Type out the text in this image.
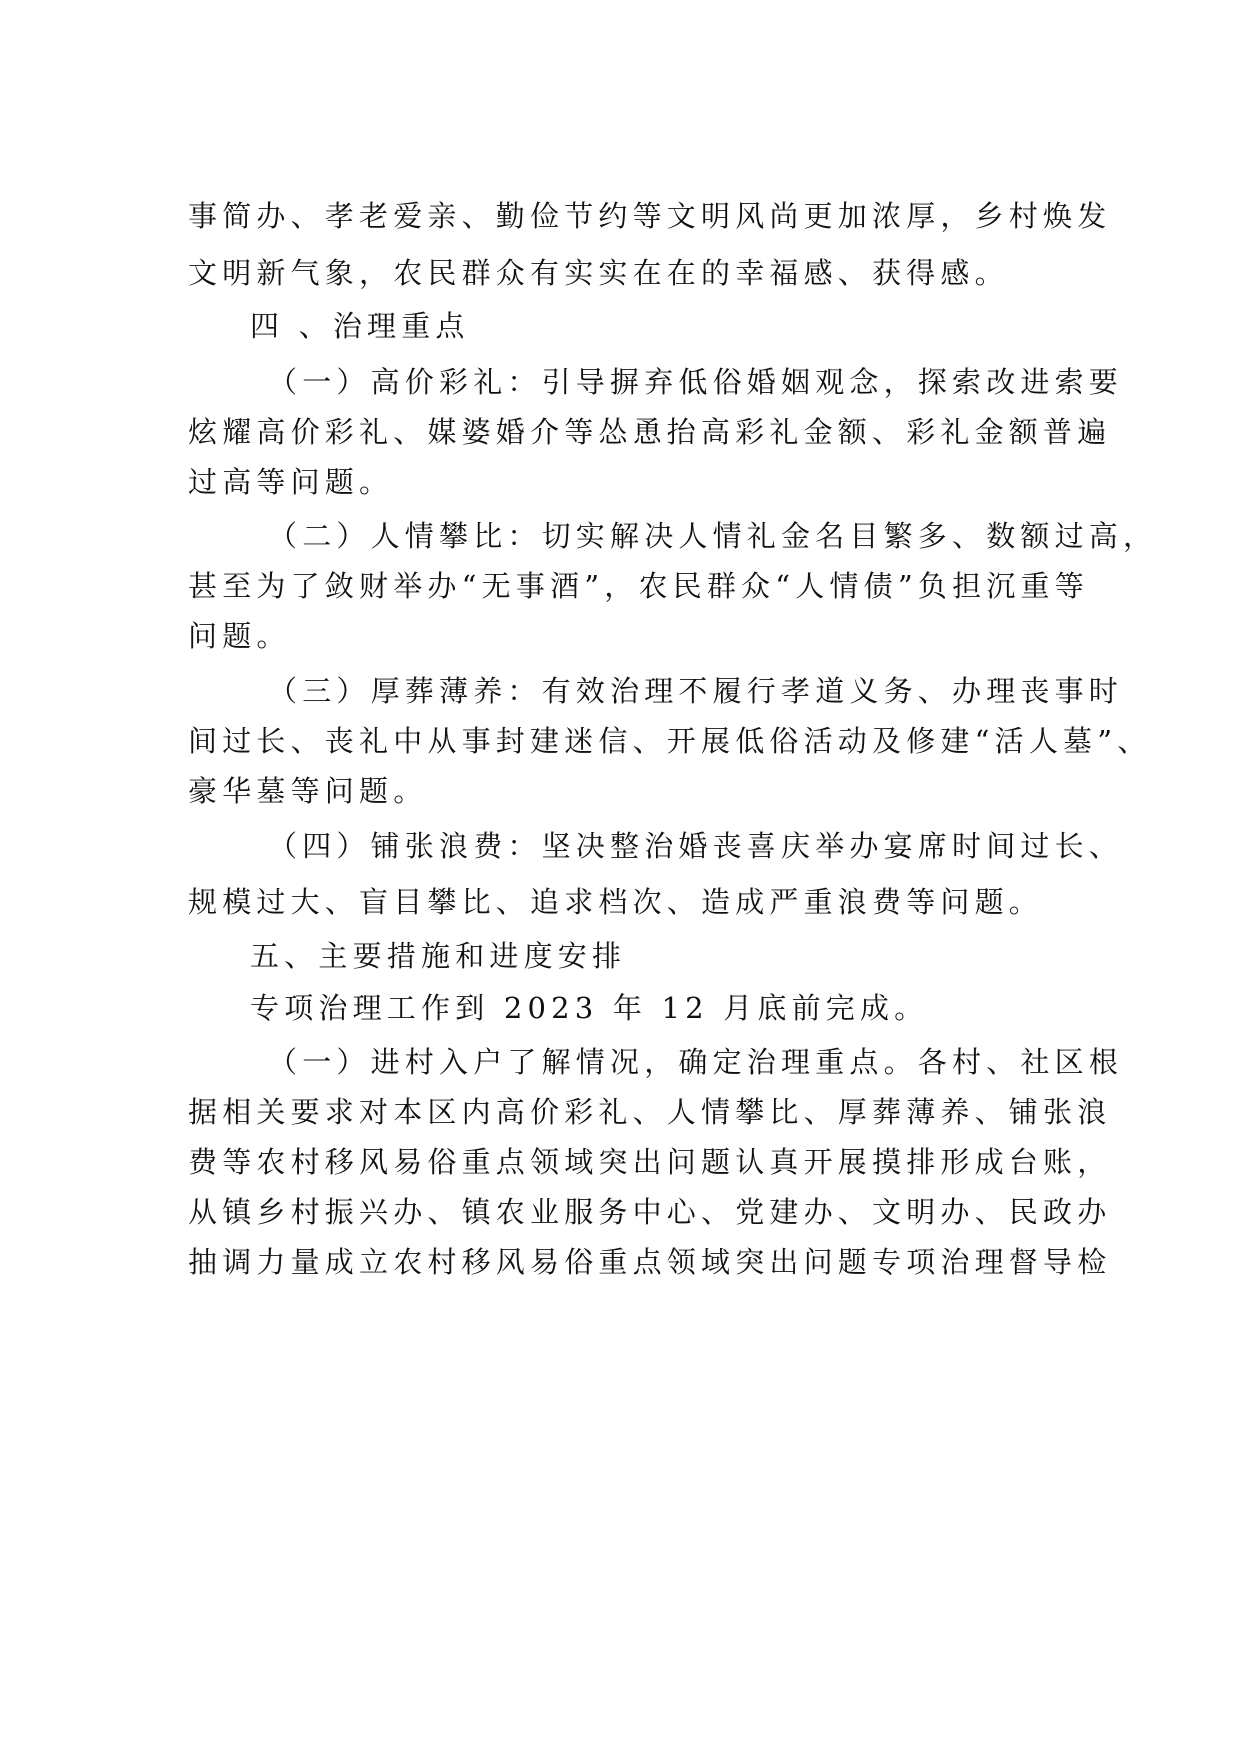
事简办、孝老爱亲、勤俭节约等文明风尚更加浓厚，乡村焕发
文明新气象，农民群众有实实在在的幸福感、获得感。
四 、治理重点
（一）高价彩礼：引导摒弃低俗婚姻观念，探索改进索要
炫耀高价彩礼、媒婆婚介等怂恿抬高彩礼金额、彩礼金额普遍
过高等问题。
（二）人情攀比：切实解决人情礼金名目繁多、数额过高，
甚至为了敛财举办“无事酒”，农民群众“人情债”负担沉重等
问题。
（三）厚葬薄养：有效治理不履行孝道义务、办理丧事时
间过长、丧礼中从事封建迷信、开展低俗活动及修建“活人墓”、
豪华墓等问题。
（四）铺张浪费：坚决整治婚丧喜庆举办宴席时间过长、
规模过大、盲目攀比、追求档次、造成严重浪费等问题。
五、主要措施和进度安排
专项治理工作到 2023 年 12 月底前完成。
（一）进村入户了解情况，确定治理重点。各村、社区根
据相关要求对本区内高价彩礼、人情攀比、厚葬薄养、铺张浪
费等农村移风易俗重点领域突出问题认真开展摸排形成台账，
从镇乡村振兴办、镇农业服务中心、党建办、文明办、民政办
抽调力量成立农村移风易俗重点领域突出问题专项治理督导检
